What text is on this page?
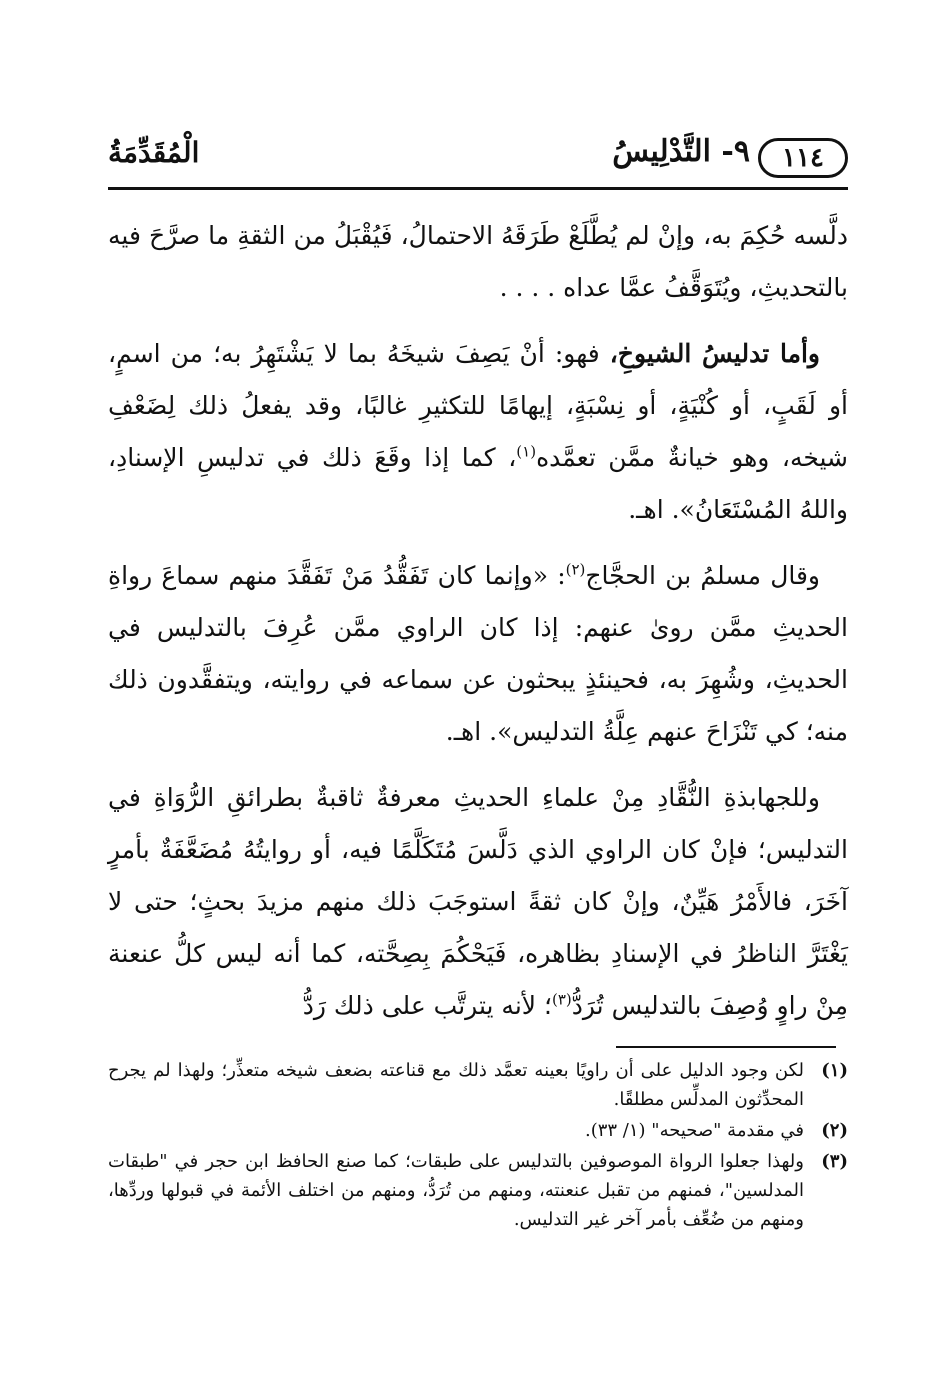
١١٤
٩- التَّدْلِيسُ
الْمُقَدِّمَةُ

دلَّسه حُكِمَ به، وإنْ لم يُطَّلَعْ طَرَقَهُ الاحتمالُ، فَيُقْبَلُ من الثقةِ ما صرَّحَ فيه بالتحديثِ، ويُتَوَقَّفُ عمَّا عداه . . . .

وأما تدليسُ الشيوخِ، فهو: أنْ يَصِفَ شيخَهُ بما لا يَشْتَهِرُ به؛ من اسمٍ، أو لَقَبٍ، أو كُنْيَةٍ، أو نِسْبَةٍ، إيهامًا للتكثيرِ غالبًا، وقد يفعلُ ذلك لِضَعْفِ شيخه، وهو خيانةٌ ممَّن تعمَّده$^{(١)}$، كما إذا وقَعَ ذلك في تدليسِ الإسنادِ، واللهُ المُسْتَعَانُ». اهـ.

وقال مسلمُ بن الحجَّاج$^{(٢)}$: «وإنما كان تَفَقُّدُ مَنْ تَفَقَّدَ منهم سماعَ رواةِ الحديثِ ممَّن روىٰ عنهم: إذا كان الراوي ممَّن عُرِفَ بالتدليس في الحديثِ، وشُهِرَ به، فحينئذٍ يبحثون عن سماعه في روايته، ويتفقَّدون ذلك منه؛ كي تَنْزَاحَ عنهم عِلَّةُ التدليس». اهـ.

وللجهابذةِ النُّقَّادِ مِنْ علماءِ الحديثِ معرفةٌ ثاقبةٌ بطرائقِ الرُّوَاةِ في التدليس؛ فإنْ كان الراوي الذي دَلَّسَ مُتَكَلَّمًا فيه، أو روايتُهُ مُضَعَّفَةٌ بأمرٍ آخَرَ، فالأَمْرُ هَيِّنٌ، وإنْ كان ثقةً استوجَبَ ذلك منهم مزيدَ بحثٍ؛ حتى لا يَغْتَرَّ الناظرُ في الإسنادِ بظاهره، فَيَحْكُمَ بِصِحَّته، كما أنه ليس كلُّ عنعنة مِنْ راوٍ وُصِفَ بالتدليس تُرَدُّ$^{(٣)}$؛ لأنه يترتَّب على ذلك رَدُّ

(١)
لكن وجود الدليل على أن راويًا بعينه تعمَّد ذلك مع قناعته بضعف شيخه متعذِّر؛ ولهذا لم يجرح المحدِّثون المدلِّس مطلقًا.
(٢)
في مقدمة "صحيحه" (١/ ٣٣).
(٣)
ولهذا جعلوا الرواة الموصوفين بالتدليس على طبقات؛ كما صنع الحافظ ابن حجر في "طبقات المدلسين"، فمنهم من تقبل عنعنته، ومنهم من تُرَدُّ، ومنهم من اختلف الأئمة في قبولها وردِّها، ومنهم من ضُعِّف بأمر آخر غير التدليس.
